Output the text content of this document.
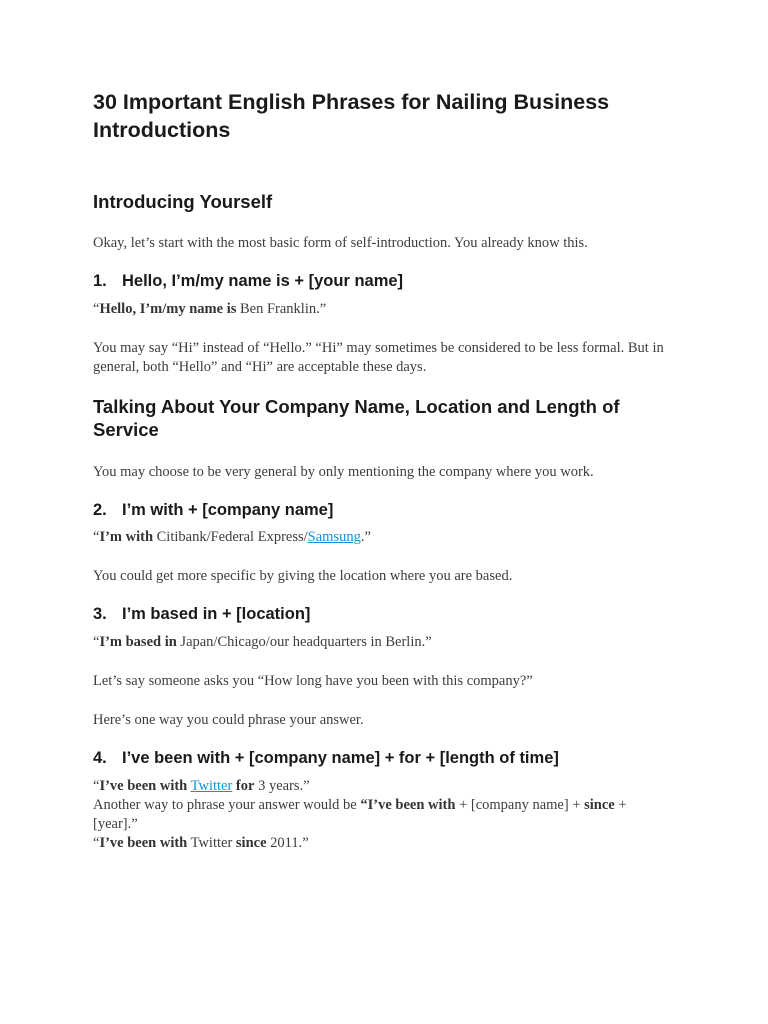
30 Important English Phrases for Nailing Business Introductions
Introducing Yourself

Okay, let’s start with the most basic form of self-introduction. You already know this.

1. Hello, I’m/my name is + [your name]

“Hello, I’m/my name is Ben Franklin.”

You may say “Hi” instead of “Hello.” “Hi” may sometimes be considered to be less formal. But in general, both “Hello” and “Hi” are acceptable these days.

Talking About Your Company Name, Location and Length of Service

You may choose to be very general by only mentioning the company where you work.

2. I’m with + [company name]

“I’m with Citibank/Federal Express/Samsung.”

You could get more specific by giving the location where you are based.

3. I’m based in + [location]

“I’m based in Japan/Chicago/our headquarters in Berlin.”

Let’s say someone asks you “How long have you been with this company?”

Here’s one way you could phrase your answer.

4. I’ve been with + [company name] + for + [length of time]

“I’ve been with Twitter for 3 years.”

Another way to phrase your answer would be “I’ve been with + [company name] + since + [year].”

“I’ve been with Twitter since 2011.”
